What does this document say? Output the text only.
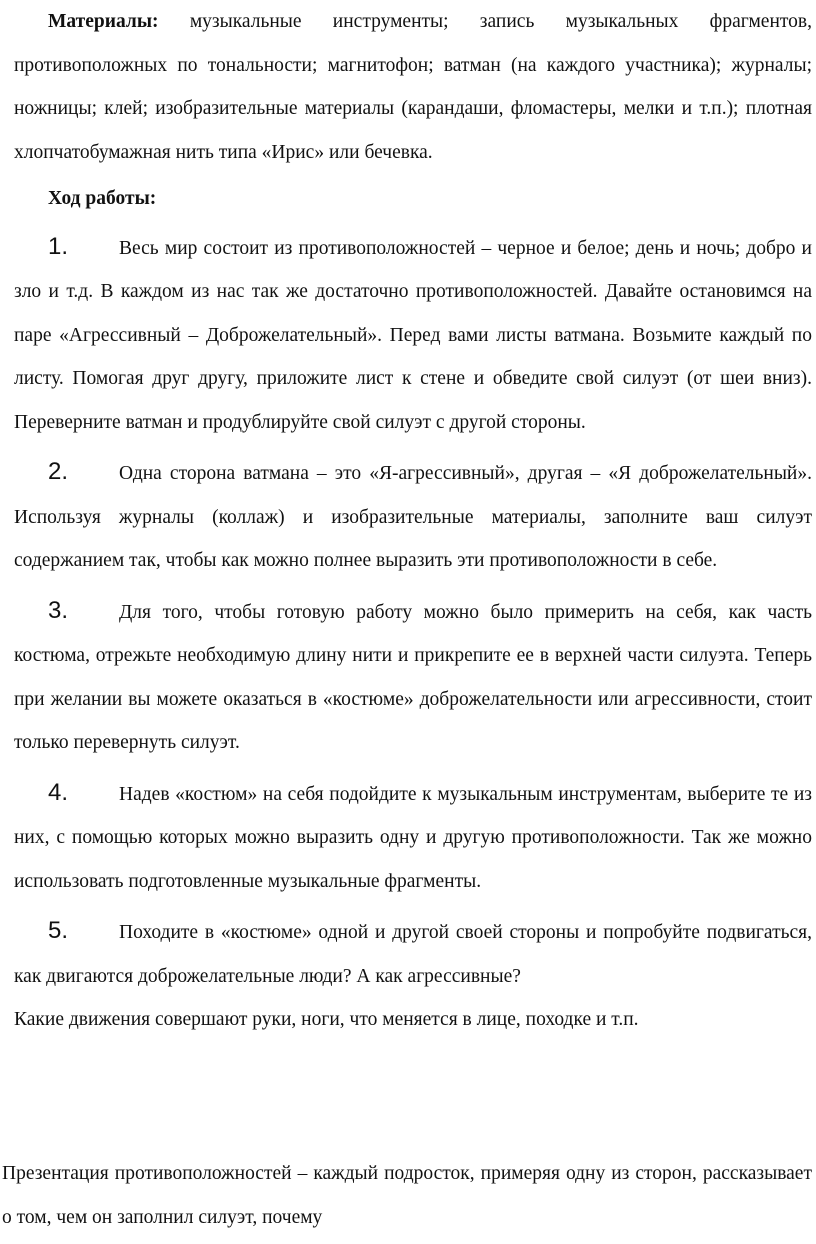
Материалы: музыкальные инструменты; запись музыкальных фрагментов, противоположных по тональности; магнитофон; ватман (на каждого участника); журналы; ножницы; клей; изобразительные материалы (карандаши, фломастеры, мелки и т.п.); плотная хлопчатобумажная нить типа «Ирис» или бечевка.

Ход работы:

1.	Весь мир состоит из противоположностей – черное и белое; день и ночь; добро и зло и т.д. В каждом из нас так же достаточно противоположностей. Давайте остановимся на паре «Агрессивный – Доброжелательный». Перед вами листы ватмана. Возьмите каждый по листу. Помогая друг другу, приложите лист к стене и обведите свой силуэт (от шеи вниз). Переверните ватман и продублируйте свой силуэт с другой стороны.

2.	Одна сторона ватмана – это «Я-агрессивный», другая – «Я доброжелательный». Используя журналы (коллаж) и изобразительные материалы, заполните ваш силуэт содержанием так, чтобы как можно полнее выразить эти противоположности в себе.

3.	Для того, чтобы готовую работу можно было примерить на себя, как часть костюма, отрежьте необходимую длину нити и прикрепите ее в верхней части силуэта. Теперь при желании вы можете оказаться в «костюме» доброжелательности или агрессивности, стоит только перевернуть силуэт.

4.	Надев «костюм» на себя подойдите к музыкальным инструментам, выберите те из них, с помощью которых можно выразить одну и другую противоположности. Так же можно использовать подготовленные музыкальные фрагменты.

5.	Походите в «костюме» одной и другой своей стороны и попробуйте подвигаться, как двигаются доброжелательные люди? А как агрессивные?

Какие движения совершают руки, ноги, что меняется в лице, походке и т.п.

Презентация противоположностей – каждый подросток, примеряя одну из сторон, рассказывает о том, чем он заполнил силуэт, почему
